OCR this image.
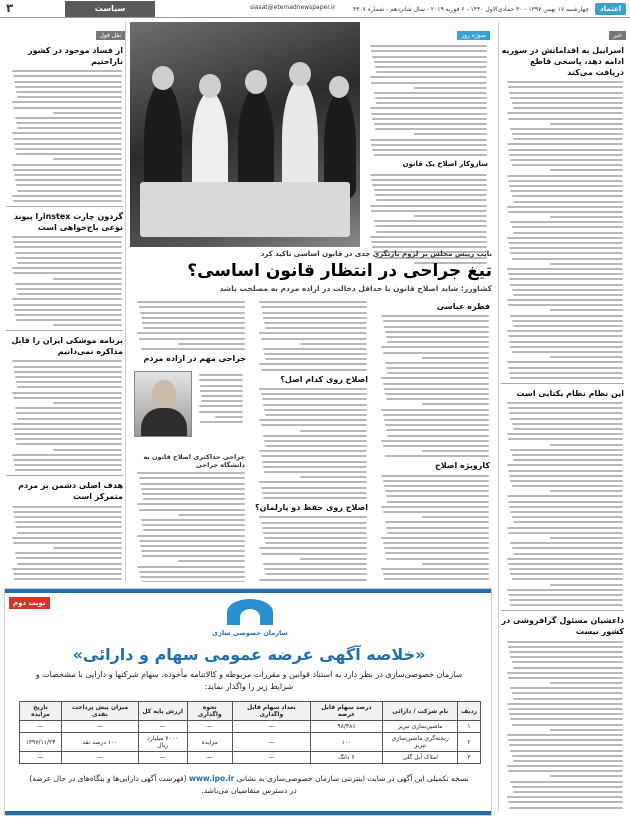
اعتماد
چهارشنبه ۱۷ بهمن ۱۳۹۷ - ۳۰ جمادی‌الاول ۱۴۴۰ - ۶ فوریه ۲۰۱۹ - سال شانزدهم - شماره ۴۳۰۷
siasat@etemadnewspaper.ir
سیاست
۳
خبر
اسراییل به اقداماتش در سوریه ادامه دهد، پاسخی قاطع دریافت می‌کند
این نظام نظام یکتایی است
داعشیان مسئول گرافروشی در کشور نیست
نقل قول
از فساد موجود در کشور ناراحتیم
گردون چارت instexرا پیوند نوعی باج‌خواهی است
برنامه موشکی ایران را قابل مذاکره نمی‌دانیم
هدف اصلی دشمن بر مردم متمرکز است
سوژه روز
سازوکار اصلاح یک قانون
نایب رییس مجلس بر لزوم بازنگری جدی در قانون اساسی تاکید کرد
تیغ جراحی در انتظار قانون اساسی؟
کشاورز: شاید اصلاح قانون با حداقل دخالت در اراده مردم به مصلحت باشد
فطره عباسی
کارویژه اصلاح
اصلاح روی کدام اصل؟
اصلاح روی حفظ دو پارلمان؟
جراحی مهم در اراده مردم
جراحی حداکثری اصلاح قانون به دانشگاه جراحی
نوبت دوم
سازمان خصوصی سازی
«خلاصه آگهی عرضه عمومی سهام و دارائی»
سازمان خصوصی‌سازی در نظر دارد به استناد قوانین و مقررات مربوطه و کالاتنامه مأخوذه، سهام شرکتها و دارایی با مشخصات و شرایط زیر را واگذار نماید:
ردیف	نام شرکت / دارائی	درصد سهام قابل عرضه	تعداد سهام قابل واگذاری	نحوه واگذاری	ارزش پایه کل	میزان پیش پرداخت نقدی	تاریخ مزایده
۱	ماشین‌سازی تبریز	۹۸/۴۸٪	—	—	—	—	—
۲	ریخته‌گری ماشین‌سازی تبریز	۱۰۰	—	مزایده	۷۰۰۰ میلیارد ریال	۱۰۰ درصد نقد	۱۳۹۷/۱۱/۲۴
۳	املاک آبل گلی	۶ دانگ	—	—	—	—	—
نسخه تکمیلی این آگهی در سایت اینترنتی سازمان خصوصی‌سازی به نشانی www.ipo.ir (فهرست آگهی دارایی‌ها و بنگاه‌های در حال عرضه) در دسترس متقاضیان می‌باشد.
